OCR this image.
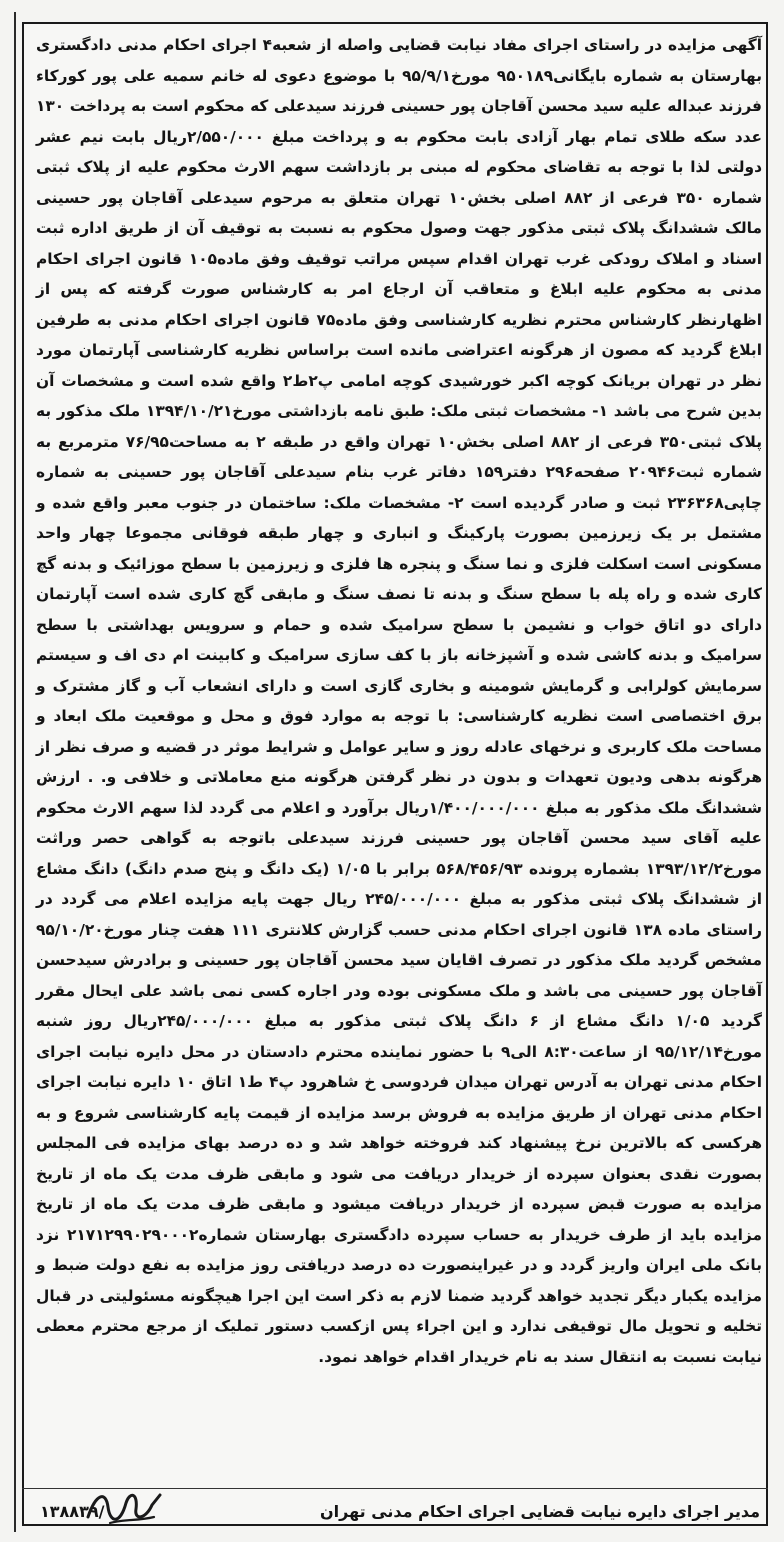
آگهی مزایده در راستای اجرای مفاد نیابت قضایی واصله از شعبه۴ اجرای احکام مدنی دادگستری بهارستان به شماره بایگانی۹۵۰۱۸۹ مورخ۹۵/۹/۱ با موضوع دعوی له خانم سمیه علی پور کورکاء فرزند عبداله علیه سید محسن آقاجان پور حسینی فرزند سیدعلی که محکوم است به پرداخت ۱۳۰ عدد سکه طلای تمام بهار آزادی بابت محکوم به و پرداخت مبلغ ۲/۵۵۰/۰۰۰ریال بابت نیم عشر دولتی لذا با توجه به تقاضای محکوم له مبنی بر بازداشت سهم الارث محکوم علیه از پلاک ثبتی شماره ۳۵۰ فرعی از ۸۸۲ اصلی بخش۱۰ تهران متعلق به مرحوم سیدعلی آقاجان پور حسینی مالک ششدانگ پلاک ثبتی مذکور جهت وصول محکوم به نسبت به توقیف آن از طریق اداره ثبت اسناد و املاک رودکی غرب تهران اقدام سپس مراتب توقیف وفق ماده۱۰۵ قانون اجرای احکام مدنی به محکوم علیه ابلاغ و متعاقب آن ارجاع امر به کارشناس صورت گرفته که پس از اظهارنظر کارشناس محترم نظریه کارشناسی وفق ماده۷۵ قانون اجرای احکام مدنی به طرفین ابلاغ گردید که مصون از هرگونه اعتراضی مانده است براساس نظریه کارشناسی آپارتمان مورد نظر در تهران بریانک کوچه اکبر خورشیدی کوچه امامی پ۲ط۲ واقع شده است و مشخصات آن بدین شرح می باشد ۱- مشخصات ثبتی ملک: طبق نامه بازداشتی مورخ۱۳۹۴/۱۰/۲۱ ملک مذکور به پلاک ثبتی۳۵۰ فرعی از ۸۸۲ اصلی بخش۱۰ تهران واقع در طبقه ۲ به مساحت۷۶/۹۵ مترمربع به شماره ثبت۲۰۹۴۶ صفحه۲۹۶ دفتر۱۵۹ دفاتر غرب بنام سیدعلی آقاجان پور حسینی به شماره چاپی۲۳۶۳۶۸ ثبت و صادر گردیده است ۲- مشخصات ملک: ساختمان در جنوب معبر واقع شده و مشتمل بر یک زیرزمین بصورت پارکینگ و انباری و چهار طبقه فوقانی مجموعا چهار واحد مسکونی است اسکلت فلزی و نما سنگ و پنجره ها فلزی و زیرزمین با سطح موزائیک و بدنه گچ کاری شده و راه پله با سطح سنگ و بدنه تا نصف سنگ و مابقی گچ کاری شده است آپارتمان دارای دو اتاق خواب و نشیمن با سطح سرامیک شده و حمام و سرویس بهداشتی با سطح سرامیک و بدنه کاشی شده و آشپزخانه باز با کف سازی سرامیک و کابینت ام دی اف و سیستم سرمایش کولرابی و گرمایش شومینه و بخاری گازی است و دارای انشعاب آب و گاز مشترک و برق اختصاصی است نظریه کارشناسی: با توجه به موارد فوق و محل و موقعیت ملک ابعاد و مساحت ملک کاربری و نرخهای عادله روز و سایر عوامل و شرایط موثر در قضیه و صرف نظر از هرگونه بدهی ودیون تعهدات و بدون در نظر گرفتن هرگونه منع معاملاتی و خلافی و. . ارزش ششدانگ ملک مذکور به مبلغ ۱/۴۰۰/۰۰۰/۰۰۰ریال برآورد و اعلام می گردد لذا سهم الارث محکوم علیه آقای سید محسن آقاجان پور حسینی فرزند سیدعلی باتوجه به گواهی حصر وراثت مورخ۱۳۹۳/۱۲/۲ بشماره پرونده ۵۶۸/۴۵۶/۹۳ برابر با ۱/۰۵ (یک دانگ و پنج صدم دانگ) دانگ مشاع از ششدانگ پلاک ثبتی مذکور به مبلغ ۲۴۵/۰۰۰/۰۰۰ ریال جهت پایه مزایده اعلام می گردد در راستای ماده ۱۳۸ قانون اجرای احکام مدنی حسب گزارش کلانتری ۱۱۱ هفت چنار مورخ۹۵/۱۰/۲۰ مشخص گردید ملک مذکور در تصرف اقایان سید محسن آقاجان پور حسینی و برادرش سیدحسن آقاجان پور حسینی می باشد و ملک مسکونی بوده ودر اجاره کسی نمی باشد علی ایحال مقرر گردید ۱/۰۵ دانگ مشاع از ۶ دانگ پلاک ثبتی مذکور به مبلغ ۲۴۵/۰۰۰/۰۰۰ریال روز شنبه مورخ۹۵/۱۲/۱۴ از ساعت۸:۳۰ الی۹ با حضور نماینده محترم دادستان در محل دایره نیابت اجرای احکام مدنی تهران به آدرس تهران میدان فردوسی خ شاهرود پ۴ ط۱ اتاق ۱۰ دایره نیابت اجرای احکام مدنی تهران از طریق مزایده به فروش برسد مزایده از قیمت پایه کارشناسی شروع و به هرکسی که بالاترین نرخ پیشنهاد کند فروخته خواهد شد و ده درصد بهای مزایده فی المجلس بصورت نقدی بعنوان سپرده از خریدار دریافت می شود و مابقی ظرف مدت یک ماه از تاریخ مزایده به صورت قبض سپرده از خریدار دریافت میشود و مابقی ظرف مدت یک ماه از تاریخ مزایده باید از طرف خریدار به حساب سپرده دادگستری بهارستان شماره۲۱۷۱۲۹۹۰۲۹۰۰۰۲ نزد بانک ملی ایران واریز گردد و در غیراینصورت ده درصد دریافتی روز مزایده به نفع دولت ضبط و مزایده یکبار دیگر تجدید خواهد گردید ضمنا لازم به ذکر است این اجرا هیچگونه مسئولیتی در قبال تخلیه و تحویل مال توقیفی ندارد و این اجراء پس ازکسب دستور تملیک از مرجع محترم معطی نیابت نسبت به انتقال سند به نام خریدار اقدام خواهد نمود.

مدیر اجرای دایره نیابت قضایی اجرای احکام مدنی تهران
۱۳۸۸۳۹/
